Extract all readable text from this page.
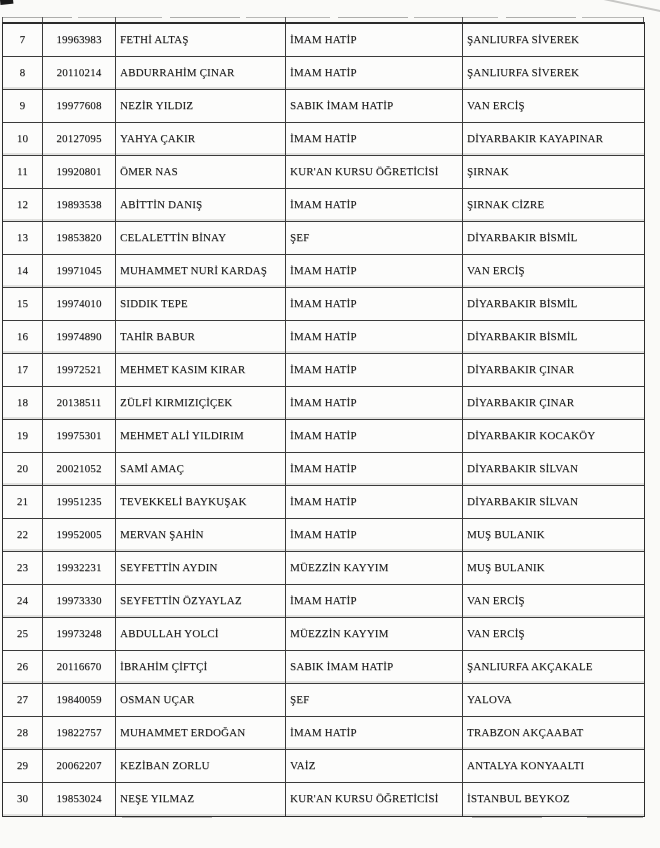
7	19963983	FETHİ ALTAŞ	İMAM HATİP	ŞANLIURFA SİVEREK
8	20110214	ABDURRAHİM ÇINAR	İMAM HATİP	ŞANLIURFA SİVEREK
9	19977608	NEZİR YILDIZ	SABIK İMAM HATİP	VAN ERCİŞ
10	20127095	YAHYA ÇAKIR	İMAM HATİP	DİYARBAKIR KAYAPINAR
11	19920801	ÖMER NAS	KUR'AN KURSU ÖĞRETİCİSİ	ŞIRNAK
12	19893538	ABİTTİN DANIŞ	İMAM HATİP	ŞIRNAK CİZRE
13	19853820	CELALETTİN BİNAY	ŞEF	DİYARBAKIR BİSMİL
14	19971045	MUHAMMET NURİ KARDAŞ	İMAM HATİP	VAN ERCİŞ
15	19974010	SIDDIK TEPE	İMAM HATİP	DİYARBAKIR BİSMİL
16	19974890	TAHİR BABUR	İMAM HATİP	DİYARBAKIR BİSMİL
17	19972521	MEHMET KASIM KIRAR	İMAM HATİP	DİYARBAKIR ÇINAR
18	20138511	ZÜLFİ KIRMIZIÇİÇEK	İMAM HATİP	DİYARBAKIR ÇINAR
19	19975301	MEHMET ALİ YILDIRIM	İMAM HATİP	DİYARBAKIR KOCAKÖY
20	20021052	SAMİ AMAÇ	İMAM HATİP	DİYARBAKIR SİLVAN
21	19951235	TEVEKKELİ BAYKUŞAK	İMAM HATİP	DİYARBAKIR SİLVAN
22	19952005	MERVAN ŞAHİN	İMAM HATİP	MUŞ BULANIK
23	19932231	SEYFETTİN AYDIN	MÜEZZİN KAYYIM	MUŞ BULANIK
24	19973330	SEYFETTİN ÖZYAYLAZ	İMAM HATİP	VAN ERCİŞ
25	19973248	ABDULLAH YOLCİ	MÜEZZİN KAYYIM	VAN ERCİŞ
26	20116670	İBRAHİM ÇİFTÇİ	SABIK İMAM HATİP	ŞANLIURFA AKÇAKALE
27	19840059	OSMAN UÇAR	ŞEF	YALOVA
28	19822757	MUHAMMET ERDOĞAN	İMAM HATİP	TRABZON AKÇAABAT
29	20062207	KEZİBAN ZORLU	VAİZ	ANTALYA KONYAALTI
30	19853024	NEŞE YILMAZ	KUR'AN KURSU ÖĞRETİCİSİ	İSTANBUL BEYKOZ
